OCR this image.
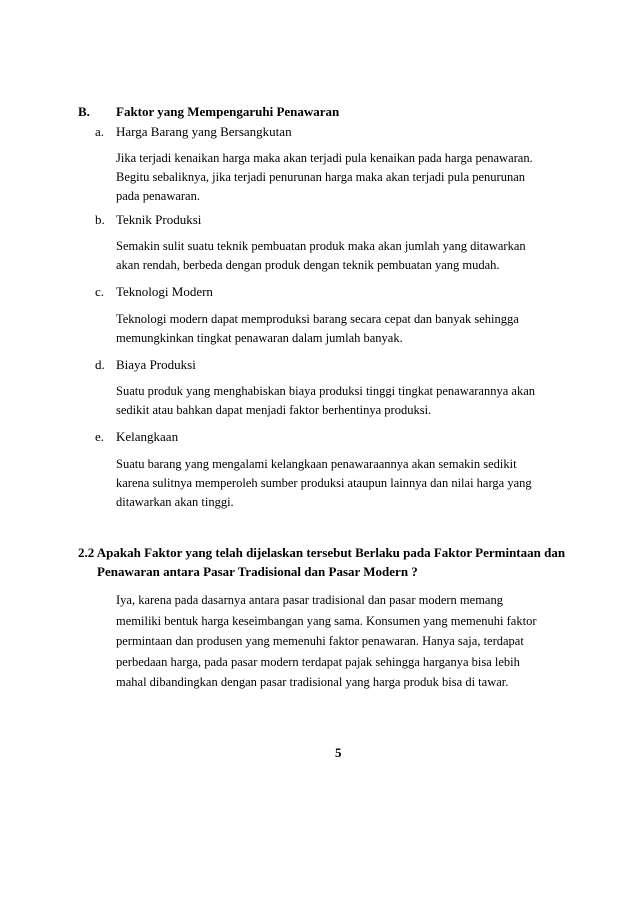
B. Faktor yang Mempengaruhi Penawaran
a. Harga Barang yang Bersangkutan
Jika terjadi kenaikan harga maka akan terjadi pula kenaikan pada harga penawaran.
Begitu sebaliknya, jika terjadi penurunan harga maka akan terjadi pula penurunan
pada penawaran.
b. Teknik Produksi
Semakin sulit suatu teknik pembuatan produk maka akan jumlah yang ditawarkan
akan rendah, berbeda dengan produk dengan teknik pembuatan yang mudah.
c. Teknologi Modern
Teknologi modern dapat memproduksi barang secara cepat dan banyak sehingga
memungkinkan tingkat penawaran dalam jumlah banyak.
d. Biaya Produksi
Suatu produk yang menghabiskan biaya produksi tinggi tingkat penawarannya akan
sedikit atau bahkan dapat menjadi faktor berhentinya produksi.
e. Kelangkaan
Suatu barang yang mengalami kelangkaan penawaraannya akan semakin sedikit
karena sulitnya memperoleh sumber produksi ataupun lainnya dan nilai harga yang
ditawarkan akan tinggi.
2.2 Apakah Faktor yang telah dijelaskan tersebut Berlaku pada Faktor Permintaan dan
Penawaran antara Pasar Tradisional dan Pasar Modern ?
Iya, karena pada dasarnya antara pasar tradisional dan pasar modern memang
memiliki bentuk harga keseimbangan yang sama. Konsumen yang memenuhi faktor
permintaan dan produsen yang memenuhi faktor penawaran. Hanya saja, terdapat
perbedaan harga, pada pasar modern terdapat pajak sehingga harganya bisa lebih
mahal dibandingkan dengan pasar tradisional yang harga produk bisa di tawar.
5
